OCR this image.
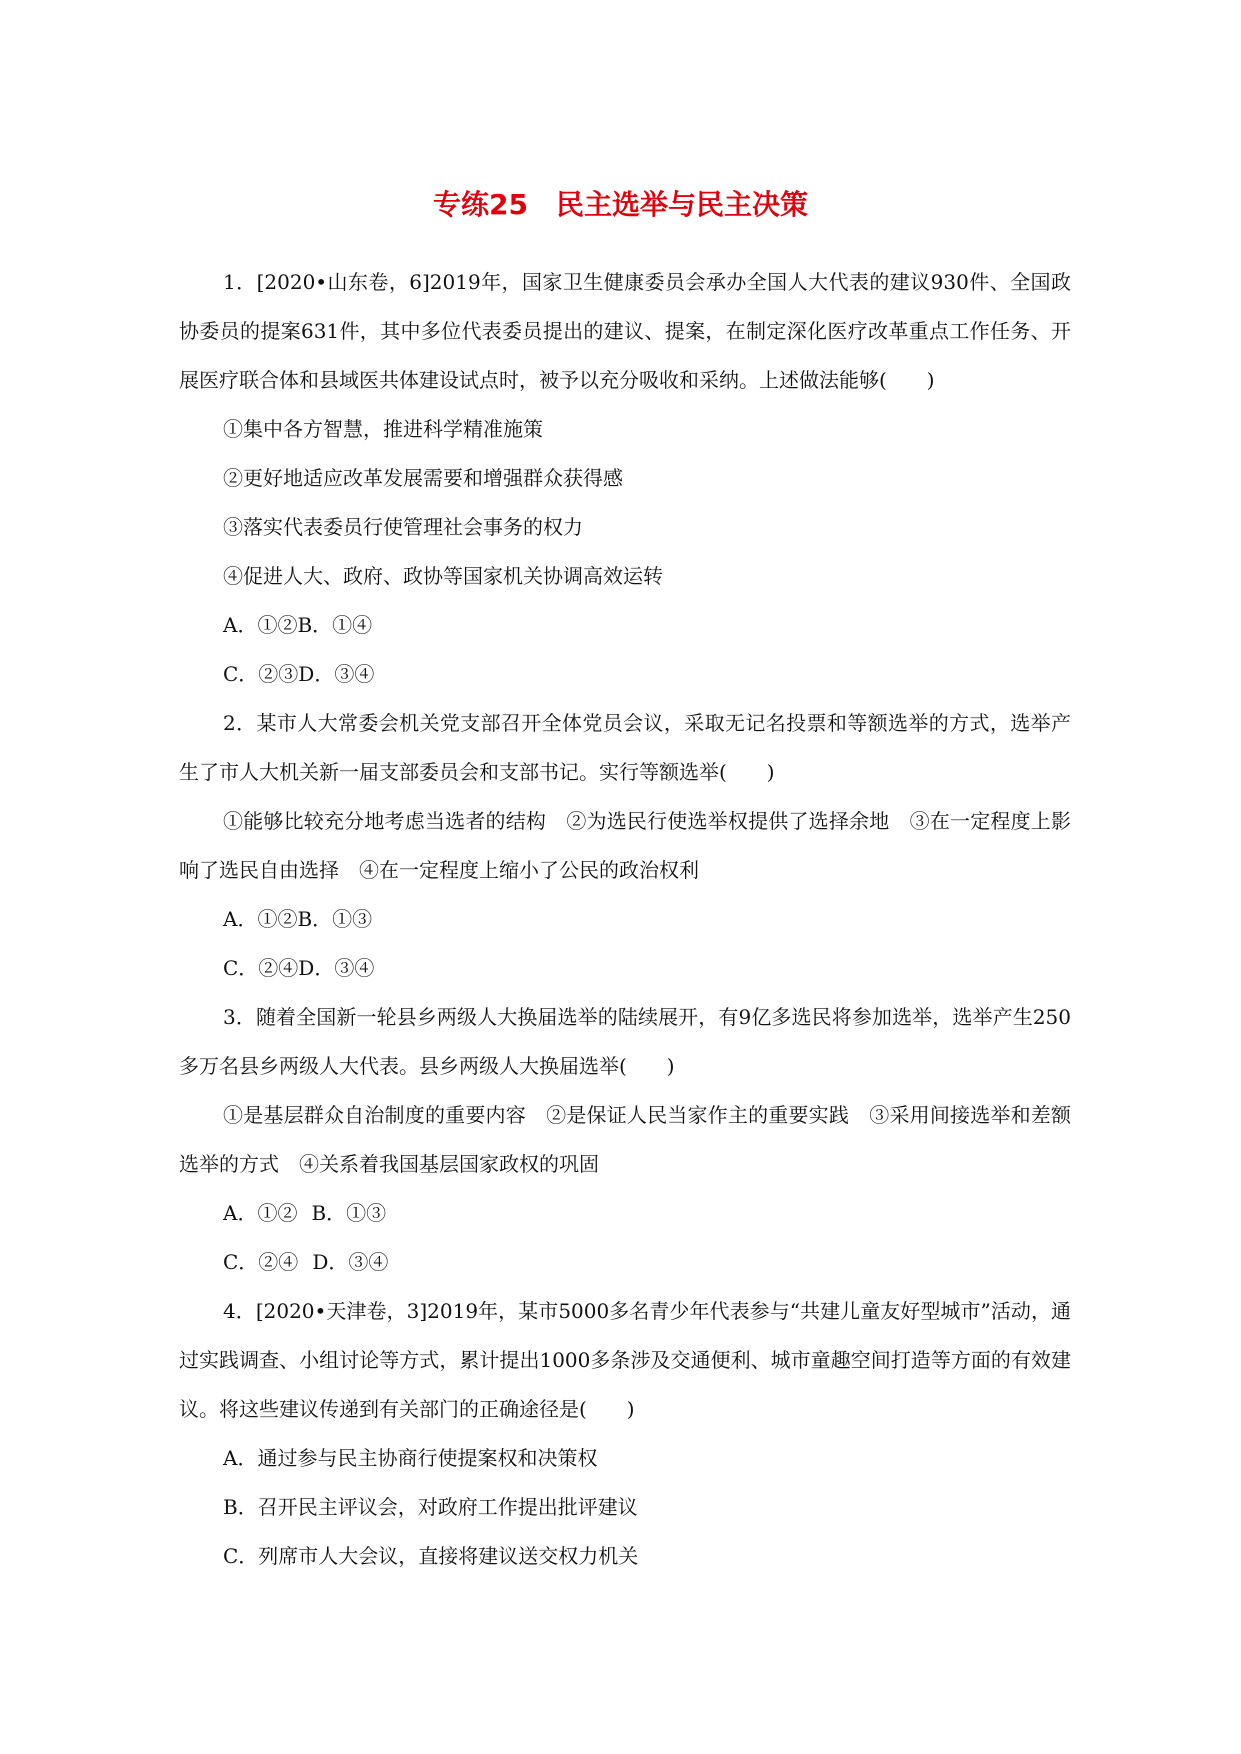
专练25　民主选举与民主决策

1．[2020•山东卷，6]2019年，国家卫生健康委员会承办全国人大代表的建议930件、全国政协委员的提案631件，其中多位代表委员提出的建议、提案，在制定深化医疗改革重点工作任务、开展医疗联合体和县域医共体建设试点时，被予以充分吸收和采纳。上述做法能够(　　)

①集中各方智慧，推进科学精准施策

②更好地适应改革发展需要和增强群众获得感

③落实代表委员行使管理社会事务的权力

④促进人大、政府、政协等国家机关协调高效运转

A．①②B．①④

C．②③D．③④

2．某市人大常委会机关党支部召开全体党员会议，采取无记名投票和等额选举的方式，选举产生了市人大机关新一届支部委员会和支部书记。实行等额选举(　　)

①能够比较充分地考虑当选者的结构　②为选民行使选举权提供了选择余地　③在一定程度上影响了选民自由选择　④在一定程度上缩小了公民的政治权利

A．①②B．①③

C．②④D．③④

3．随着全国新一轮县乡两级人大换届选举的陆续展开，有9亿多选民将参加选举，选举产生250多万名县乡两级人大代表。县乡两级人大换届选举(　　)

①是基层群众自治制度的重要内容　②是保证人民当家作主的重要实践　③采用间接选举和差额选举的方式　④关系着我国基层国家政权的巩固

A．①② B．①③

C．②④ D．③④

4．[2020•天津卷，3]2019年，某市5000多名青少年代表参与“共建儿童友好型城市”活动，通过实践调查、小组讨论等方式，累计提出1000多条涉及交通便利、城市童趣空间打造等方面的有效建议。将这些建议传递到有关部门的正确途径是(　　)

A．通过参与民主协商行使提案权和决策权

B．召开民主评议会，对政府工作提出批评建议

C．列席市人大会议，直接将建议送交权力机关
